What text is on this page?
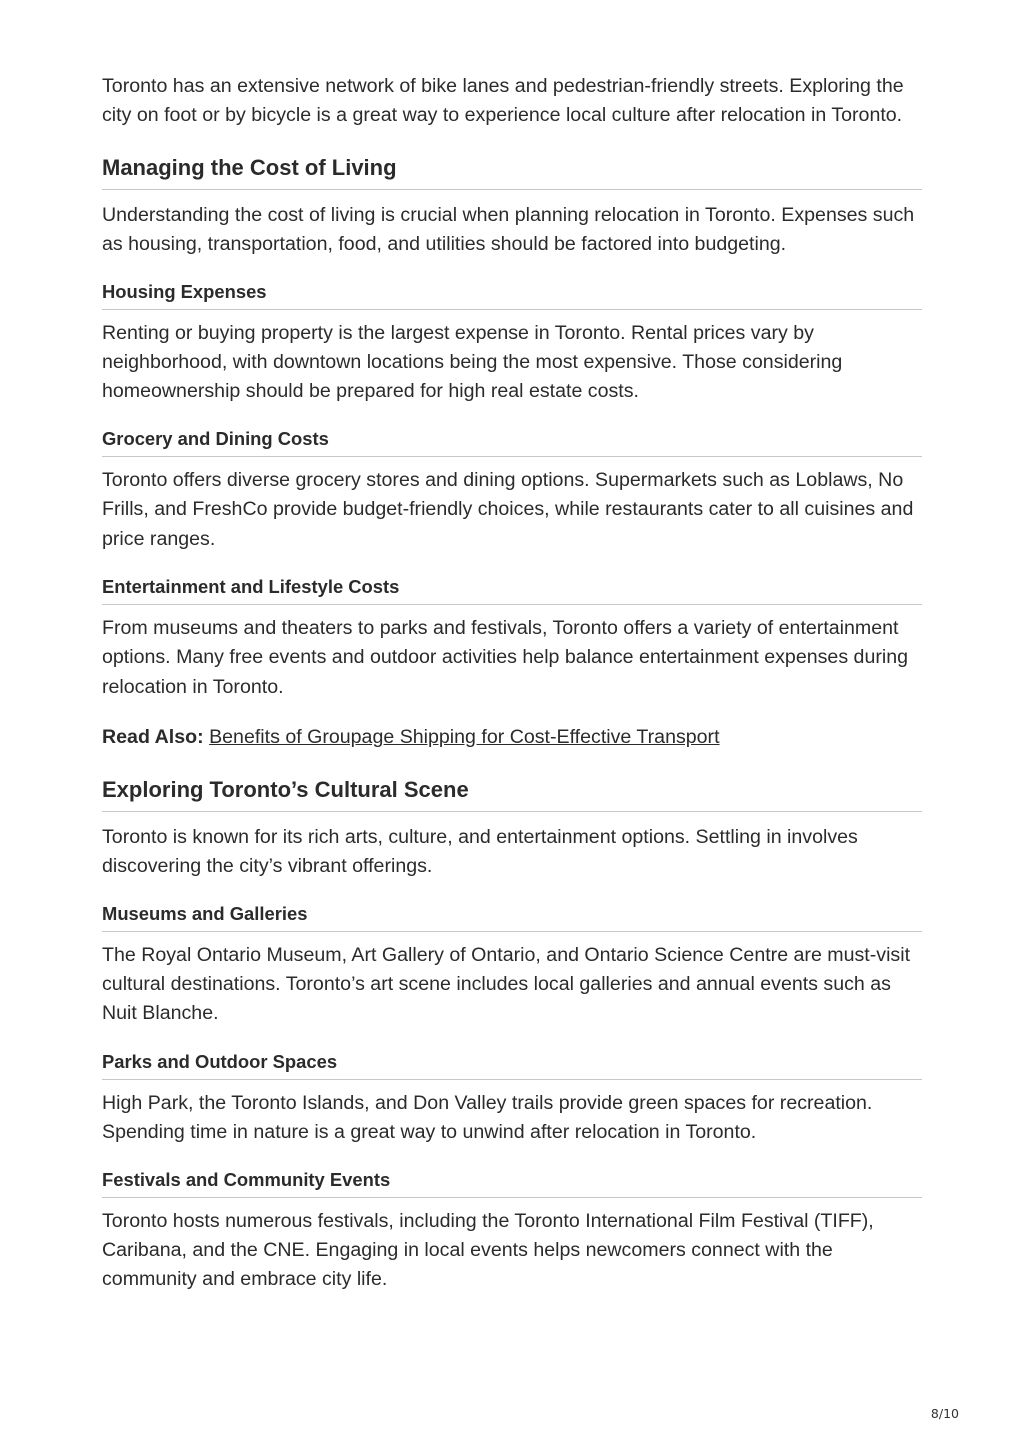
Toronto has an extensive network of bike lanes and pedestrian-friendly streets. Exploring the city on foot or by bicycle is a great way to experience local culture after relocation in Toronto.

Managing the Cost of Living

Understanding the cost of living is crucial when planning relocation in Toronto. Expenses such as housing, transportation, food, and utilities should be factored into budgeting.

Housing Expenses

Renting or buying property is the largest expense in Toronto. Rental prices vary by neighborhood, with downtown locations being the most expensive. Those considering homeownership should be prepared for high real estate costs.

Grocery and Dining Costs

Toronto offers diverse grocery stores and dining options. Supermarkets such as Loblaws, No Frills, and FreshCo provide budget-friendly choices, while restaurants cater to all cuisines and price ranges.

Entertainment and Lifestyle Costs

From museums and theaters to parks and festivals, Toronto offers a variety of entertainment options. Many free events and outdoor activities help balance entertainment expenses during relocation in Toronto.

Read Also: Benefits of Groupage Shipping for Cost-Effective Transport
Exploring Toronto’s Cultural Scene

Toronto is known for its rich arts, culture, and entertainment options. Settling in involves discovering the city’s vibrant offerings.

Museums and Galleries

The Royal Ontario Museum, Art Gallery of Ontario, and Ontario Science Centre are must-visit cultural destinations. Toronto’s art scene includes local galleries and annual events such as Nuit Blanche.

Parks and Outdoor Spaces

High Park, the Toronto Islands, and Don Valley trails provide green spaces for recreation. Spending time in nature is a great way to unwind after relocation in Toronto.

Festivals and Community Events

Toronto hosts numerous festivals, including the Toronto International Film Festival (TIFF), Caribana, and the CNE. Engaging in local events helps newcomers connect with the community and embrace city life.

8/10
